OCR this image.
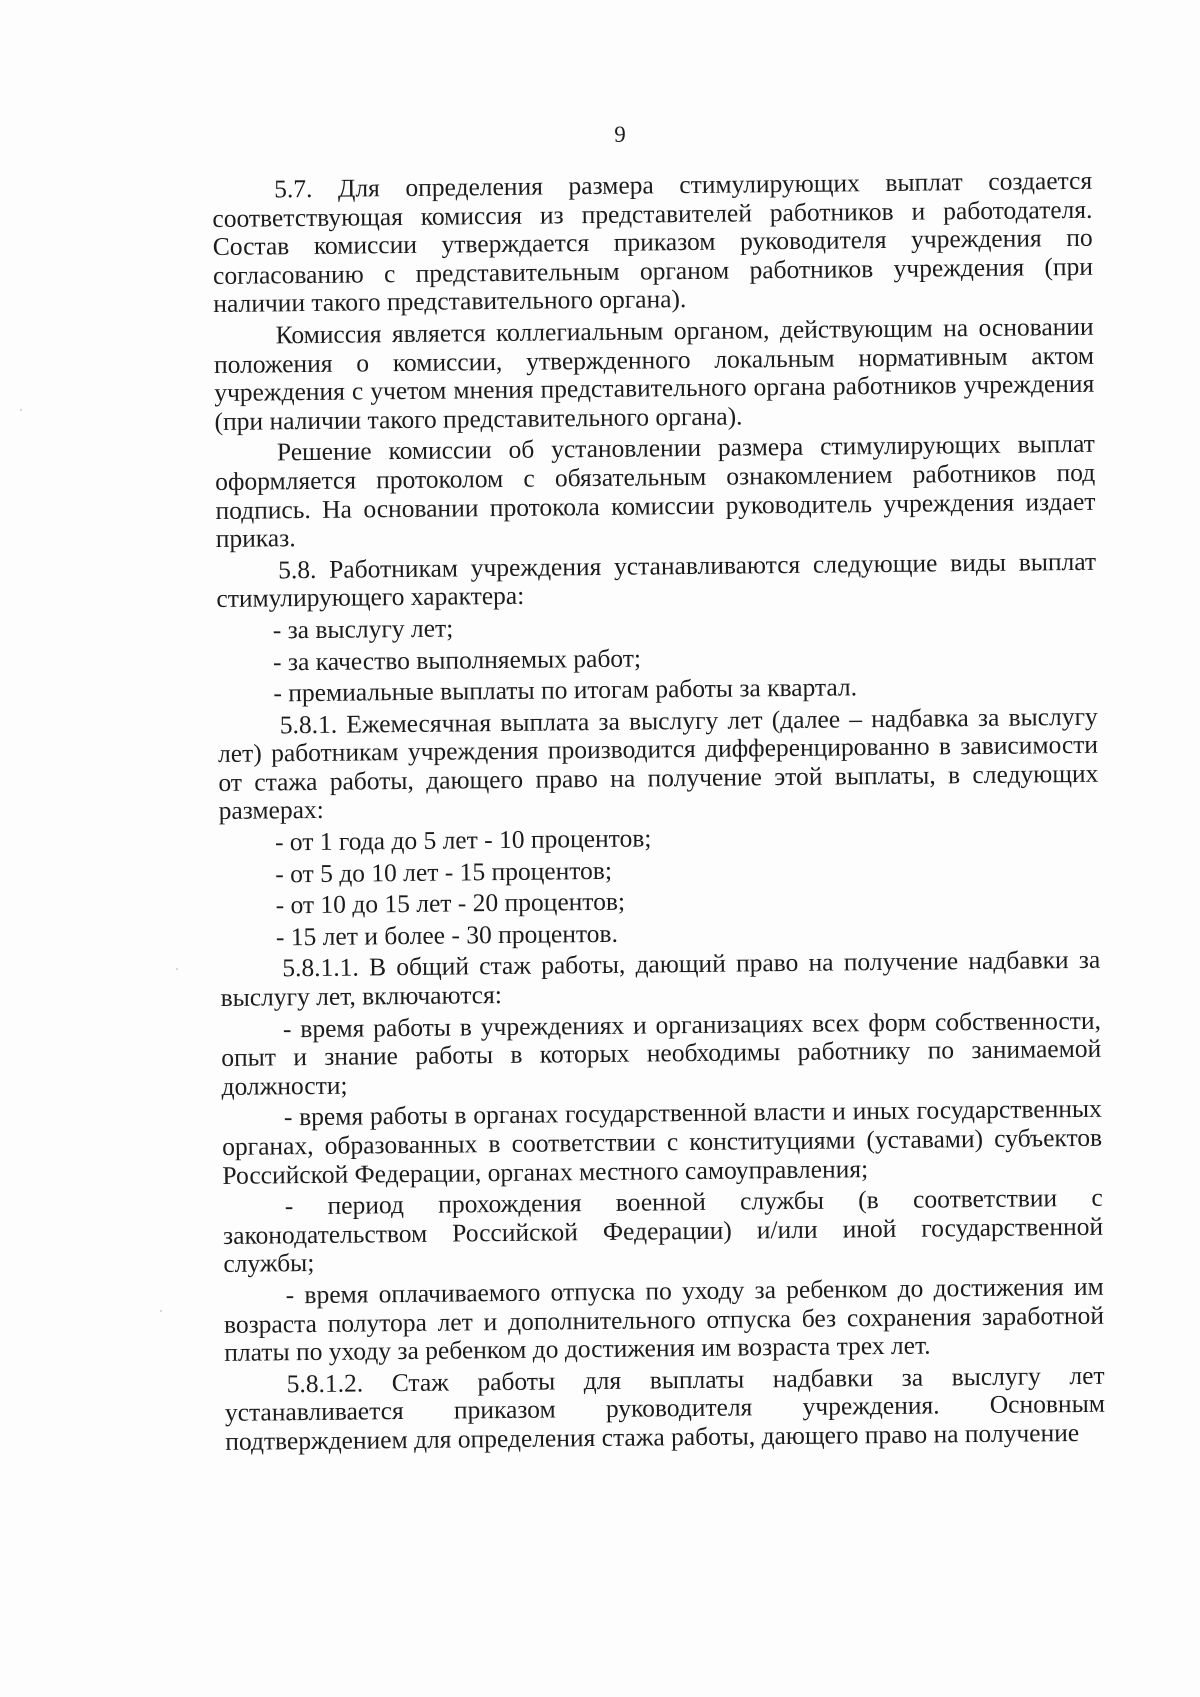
9

5.7. Для определения размера стимулирующих выплат создается соответствующая комиссия из представителей работников и работодателя. Состав комиссии утверждается приказом руководителя учреждения по согласованию с представительным органом работников учреждения (при наличии такого представительного органа).

Комиссия является коллегиальным органом, действующим на основании положения о комиссии, утвержденного локальным нормативным актом учреждения с учетом мнения представительного органа работников учреждения (при наличии такого представительного органа).

Решение комиссии об установлении размера стимулирующих выплат оформляется протоколом с обязательным ознакомлением работников под подпись. На основании протокола комиссии руководитель учреждения издает приказ.

5.8. Работникам учреждения устанавливаются следующие виды выплат стимулирующего характера:

- за выслугу лет;

- за качество выполняемых работ;

- премиальные выплаты по итогам работы за квартал.

5.8.1. Ежемесячная выплата за выслугу лет (далее – надбавка за выслугу лет) работникам учреждения производится дифференцированно в зависимости от стажа работы, дающего право на получение этой выплаты, в следующих размерах:

- от 1 года до 5 лет - 10 процентов;

- от 5 до 10 лет - 15 процентов;

- от 10 до 15 лет - 20 процентов;

- 15 лет и более - 30 процентов.

5.8.1.1. В общий стаж работы, дающий право на получение надбавки за выслугу лет, включаются:

- время работы в учреждениях и организациях всех форм собственности, опыт и знание работы в которых необходимы работнику по занимаемой должности;

- время работы в органах государственной власти и иных государственных органах, образованных в соответствии с конституциями (уставами) субъектов Российской Федерации, органах местного самоуправления;

- период прохождения военной службы (в соответствии с законодательством Российской Федерации) и/или иной государственной службы;

- время оплачиваемого отпуска по уходу за ребенком до достижения им возраста полутора лет и дополнительного отпуска без сохранения заработной платы по уходу за ребенком до достижения им возраста трех лет.

5.8.1.2. Стаж работы для выплаты надбавки за выслугу лет устанавливается приказом руководителя учреждения. Основным подтверждением для определения стажа работы, дающего право на получение
